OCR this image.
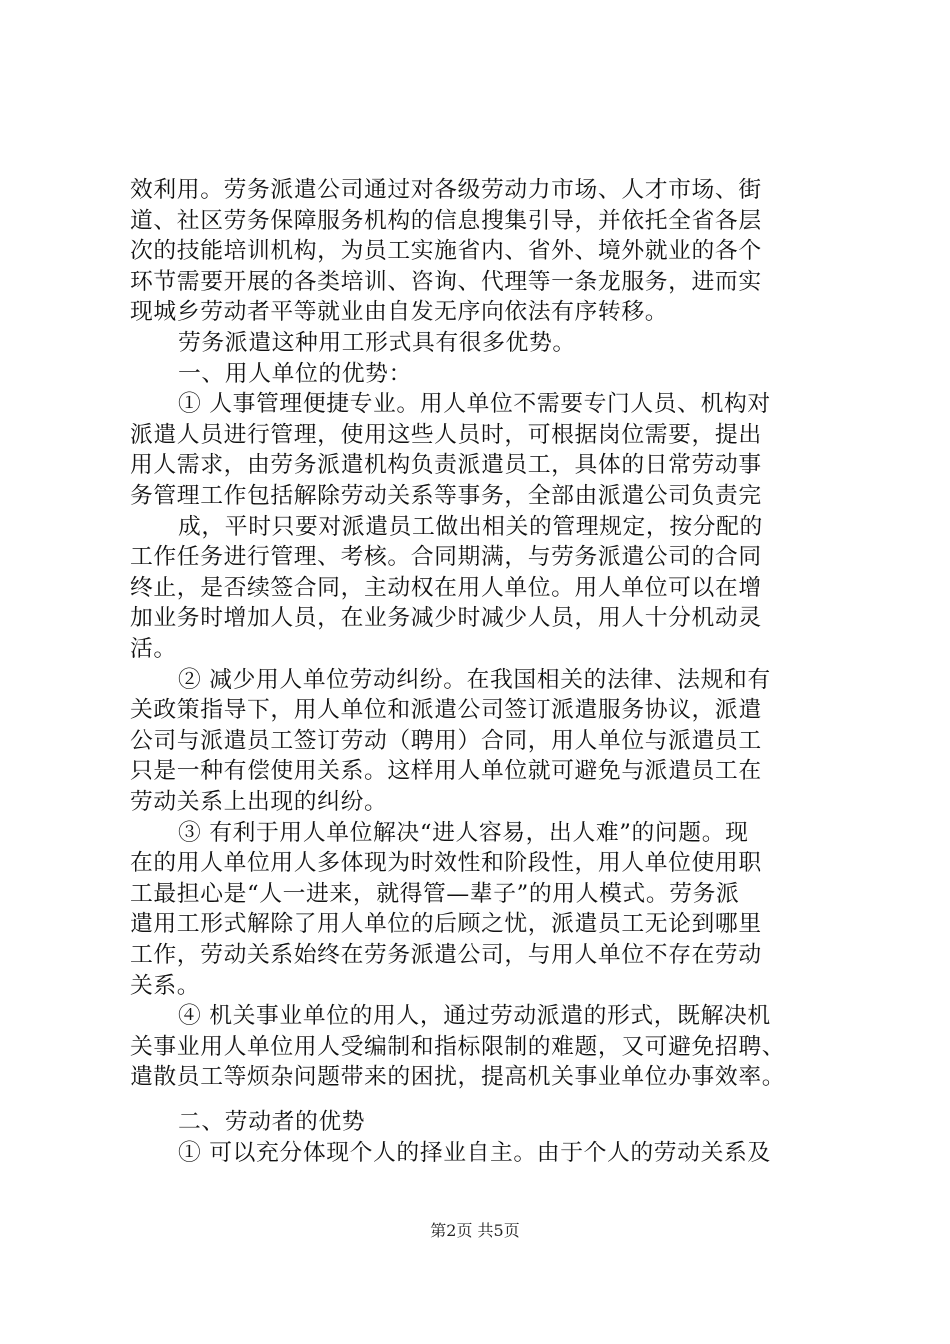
效利用。劳务派遣公司通过对各级劳动力市场、人才市场、街
道、社区劳务保障服务机构的信息搜集引导，并依托全省各层
次的技能培训机构，为员工实施省内、省外、境外就业的各个
环节需要开展的各类培训、咨询、代理等一条龙服务，进而实
现城乡劳动者平等就业由自发无序向依法有序转移。
劳务派遣这种用工形式具有很多优势。
一、用人单位的优势：
① 人事管理便捷专业。用人单位不需要专门人员、机构对
派遣人员进行管理，使用这些人员时，可根据岗位需要，提出
用人需求，由劳务派遣机构负责派遣员工，具体的日常劳动事
务管理工作包括解除劳动关系等事务，全部由派遣公司负责完
成，平时只要对派遣员工做出相关的管理规定，按分配的
工作任务进行管理、考核。合同期满，与劳务派遣公司的合同
终止，是否续签合同，主动权在用人单位。用人单位可以在增
加业务时增加人员，在业务减少时减少人员，用人十分机动灵
活。
② 减少用人单位劳动纠纷。在我国相关的法律、法规和有
关政策指导下，用人单位和派遣公司签订派遣服务协议，派遣
公司与派遣员工签订劳动（聘用）合同，用人单位与派遣员工
只是一种有偿使用关系。这样用人单位就可避免与派遣员工在
劳动关系上出现的纠纷。
③ 有利于用人单位解决“进人容易，出人难”的问题。现
在的用人单位用人多体现为时效性和阶段性，用人单位使用职
工最担心是“人一进来，就得管—辈子”的用人模式。劳务派
遣用工形式解除了用人单位的后顾之忧，派遣员工无论到哪里
工作，劳动关系始终在劳务派遣公司，与用人单位不存在劳动
关系。
④ 机关事业单位的用人，通过劳动派遣的形式，既解决机
关事业用人单位用人受编制和指标限制的难题，又可避免招聘、
遣散员工等烦杂问题带来的困扰，提高机关事业单位办事效率。
二、劳动者的优势
① 可以充分体现个人的择业自主。由于个人的劳动关系及
第2页 共5页
